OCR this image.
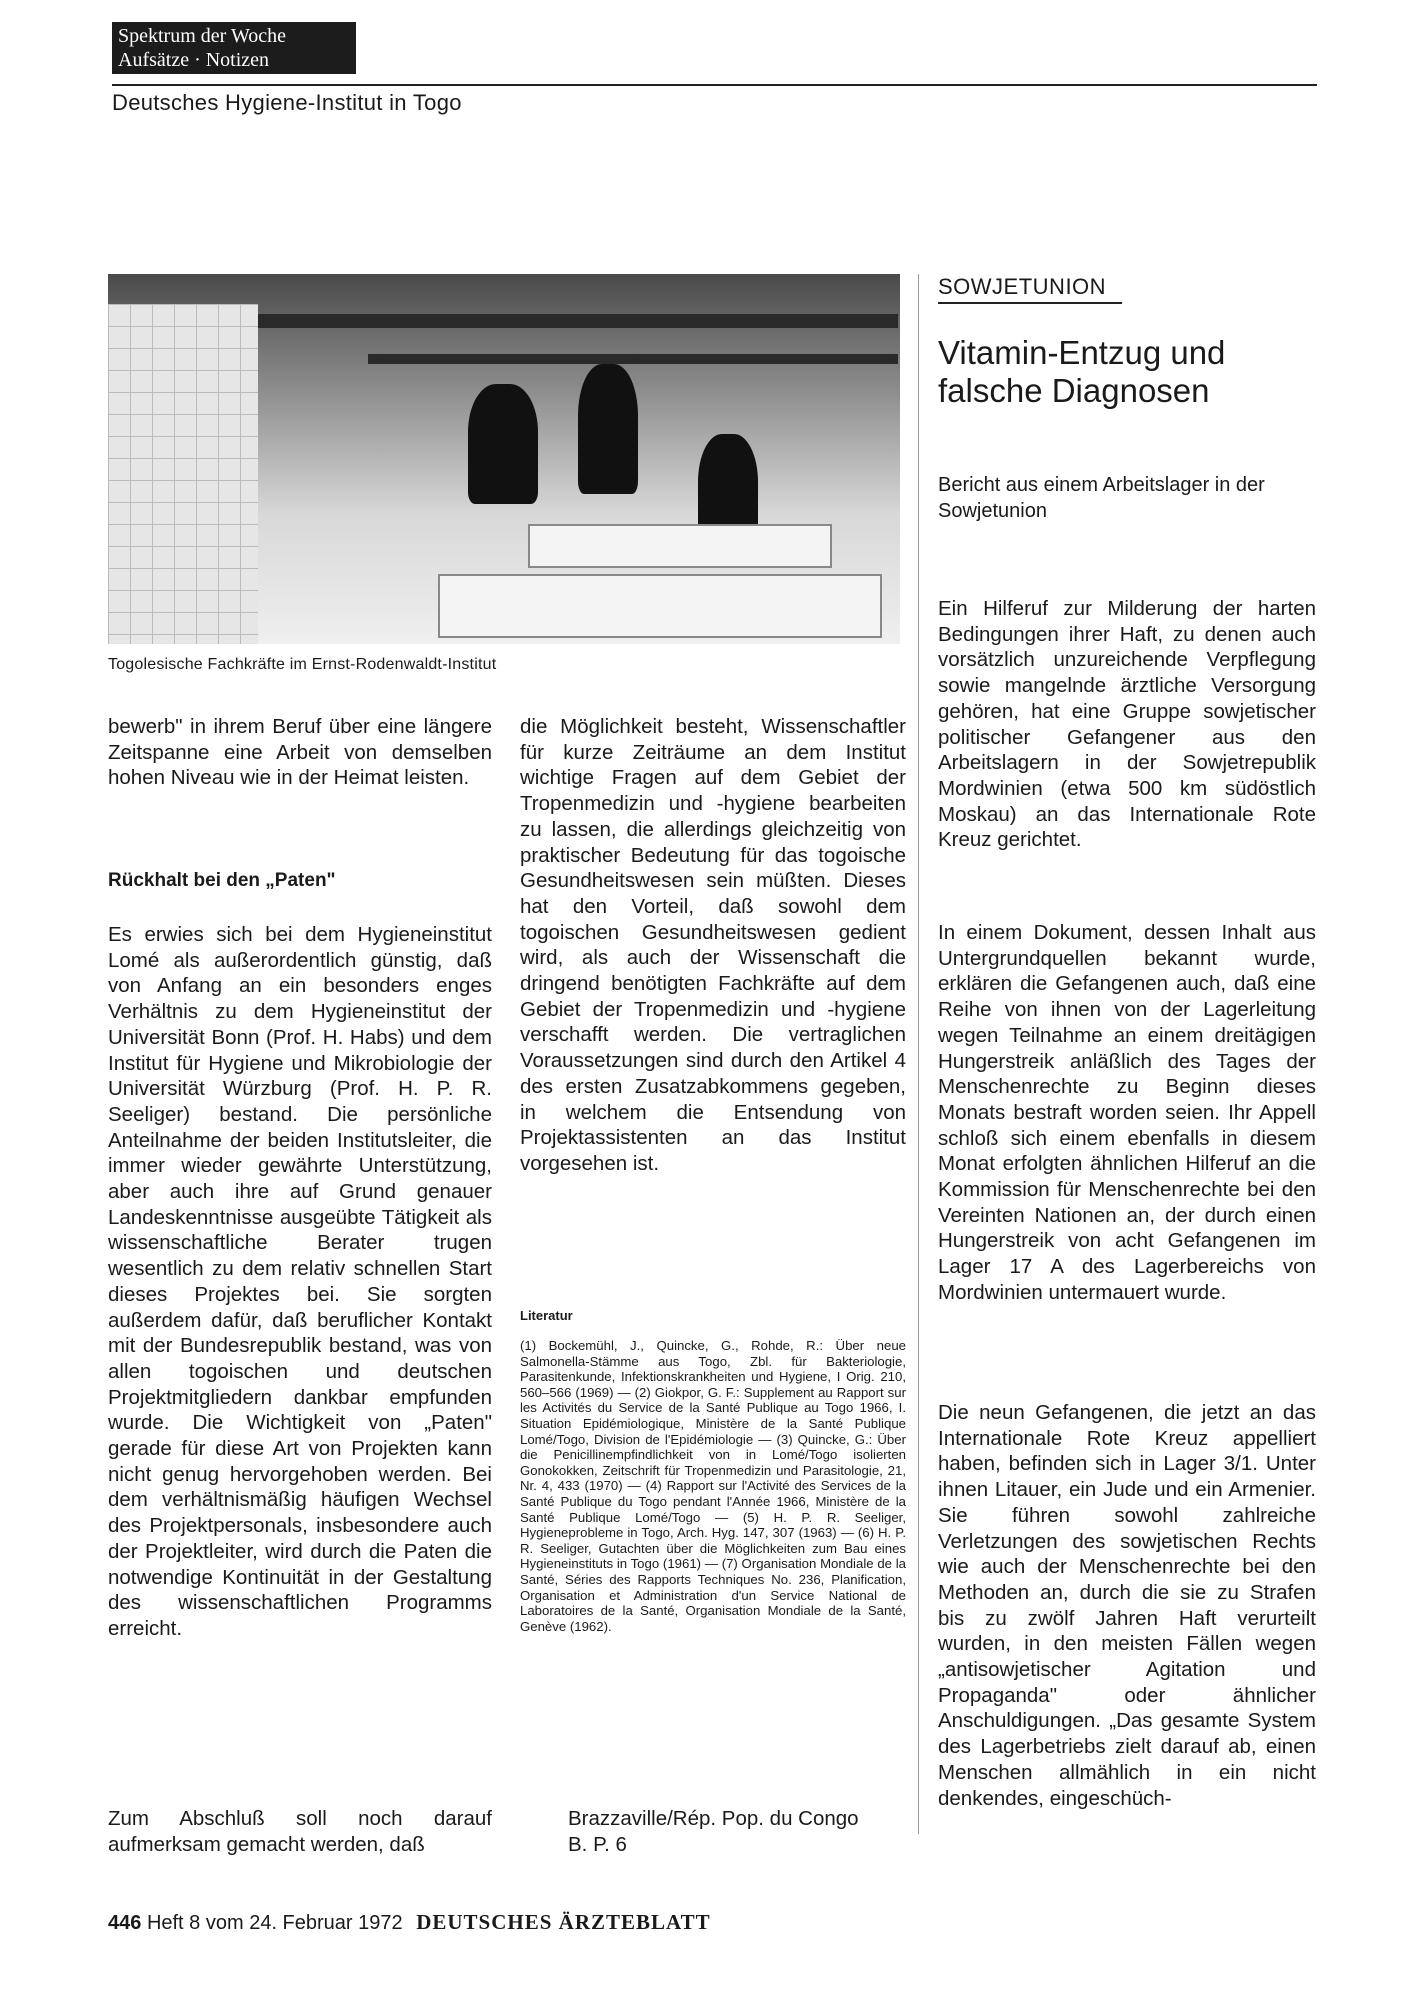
Spektrum der Woche
Aufsätze · Notizen
Deutsches Hygiene-Institut in Togo
Togolesische Fachkräfte im Ernst-Rodenwaldt-Institut
SOWJETUNION
Vitamin-Entzug und falsche Diagnosen
Bericht aus einem Arbeitslager in der Sowjetunion
bewerb" in ihrem Beruf über eine längere Zeitspanne eine Arbeit von demselben hohen Niveau wie in der Heimat leisten.
Rückhalt bei den „Paten"
Es erwies sich bei dem Hygieneinstitut Lomé als außerordentlich günstig, daß von Anfang an ein besonders enges Verhältnis zu dem Hygieneinstitut der Universität Bonn (Prof. H. Habs) und dem Institut für Hygiene und Mikrobiologie der Universität Würzburg (Prof. H. P. R. Seeliger) bestand. Die persönliche Anteilnahme der beiden Institutsleiter, die immer wieder gewährte Unterstützung, aber auch ihre auf Grund genauer Landeskenntnisse ausgeübte Tätigkeit als wissenschaftliche Berater trugen wesentlich zu dem relativ schnellen Start dieses Projektes bei. Sie sorgten außerdem dafür, daß beruflicher Kontakt mit der Bundesrepublik bestand, was von allen togoischen und deutschen Projektmitgliedern dankbar empfunden wurde. Die Wichtigkeit von „Paten" gerade für diese Art von Projekten kann nicht genug hervorgehoben werden. Bei dem verhältnismäßig häufigen Wechsel des Projektpersonals, insbesondere auch der Projektleiter, wird durch die Paten die notwendige Kontinuität in der Gestaltung des wissenschaftlichen Programms erreicht.
Zum Abschluß soll noch darauf aufmerksam gemacht werden, daß
die Möglichkeit besteht, Wissenschaftler für kurze Zeiträume an dem Institut wichtige Fragen auf dem Gebiet der Tropenmedizin und -hygiene bearbeiten zu lassen, die allerdings gleichzeitig von praktischer Bedeutung für das togoische Gesundheitswesen sein müßten. Dieses hat den Vorteil, daß sowohl dem togoischen Gesundheitswesen gedient wird, als auch der Wissenschaft die dringend benötigten Fachkräfte auf dem Gebiet der Tropenmedizin und -hygiene verschafft werden. Die vertraglichen Voraussetzungen sind durch den Artikel 4 des ersten Zusatzabkommens gegeben, in welchem die Entsendung von Projektassistenten an das Institut vorgesehen ist.
Literatur
(1) Bockemühl, J., Quincke, G., Rohde, R.: Über neue Salmonella-Stämme aus Togo, Zbl. für Bakteriologie, Parasitenkunde, Infektionskrankheiten und Hygiene, I Orig. 210, 560–566 (1969) — (2) Giokpor, G. F.: Supplement au Rapport sur les Activités du Service de la Santé Publique au Togo 1966, I. Situation Epidémiologique, Ministère de la Santé Publique Lomé/Togo, Division de l'Epidémiologie — (3) Quincke, G.: Über die Penicillinempfindlichkeit von in Lomé/Togo isolierten Gonokokken, Zeitschrift für Tropenmedizin und Parasitologie, 21, Nr. 4, 433 (1970) — (4) Rapport sur l'Activité des Services de la Santé Publique du Togo pendant l'Année 1966, Ministère de la Santé Publique Lomé/Togo — (5) H. P. R. Seeliger, Hygieneprobleme in Togo, Arch. Hyg. 147, 307 (1963) — (6) H. P. R. Seeliger, Gutachten über die Möglichkeiten zum Bau eines Hygieneinstituts in Togo (1961) — (7) Organisation Mondiale de la Santé, Séries des Rapports Techniques No. 236, Planification, Organisation et Administration d'un Service National de Laboratoires de la Santé, Organisation Mondiale de la Santé, Genève (1962).
Brazzaville/Rép. Pop. du Congo
B. P. 6
Ein Hilferuf zur Milderung der harten Bedingungen ihrer Haft, zu denen auch vorsätzlich unzureichende Verpflegung sowie mangelnde ärztliche Versorgung gehören, hat eine Gruppe sowjetischer politischer Gefangener aus den Arbeitslagern in der Sowjetrepublik Mordwinien (etwa 500 km südöstlich Moskau) an das Internationale Rote Kreuz gerichtet.
In einem Dokument, dessen Inhalt aus Untergrundquellen bekannt wurde, erklären die Gefangenen auch, daß eine Reihe von ihnen von der Lagerleitung wegen Teilnahme an einem dreitägigen Hungerstreik anläßlich des Tages der Menschenrechte zu Beginn dieses Monats bestraft worden seien. Ihr Appell schloß sich einem ebenfalls in diesem Monat erfolgten ähnlichen Hilferuf an die Kommission für Menschenrechte bei den Vereinten Nationen an, der durch einen Hungerstreik von acht Gefangenen im Lager 17 A des Lagerbereichs von Mordwinien untermauert wurde.
Die neun Gefangenen, die jetzt an das Internationale Rote Kreuz appelliert haben, befinden sich in Lager 3/1. Unter ihnen Litauer, ein Jude und ein Armenier. Sie führen sowohl zahlreiche Verletzungen des sowjetischen Rechts wie auch der Menschenrechte bei den Methoden an, durch die sie zu Strafen bis zu zwölf Jahren Haft verurteilt wurden, in den meisten Fällen wegen „antisowjetischer Agitation und Propaganda" oder ähnlicher Anschuldigungen. „Das gesamte System des Lagerbetriebs zielt darauf ab, einen Menschen allmählich in ein nicht denkendes, eingeschüch-
446 Heft 8 vom 24. Februar 1972 DEUTSCHES ÄRZTEBLATT
